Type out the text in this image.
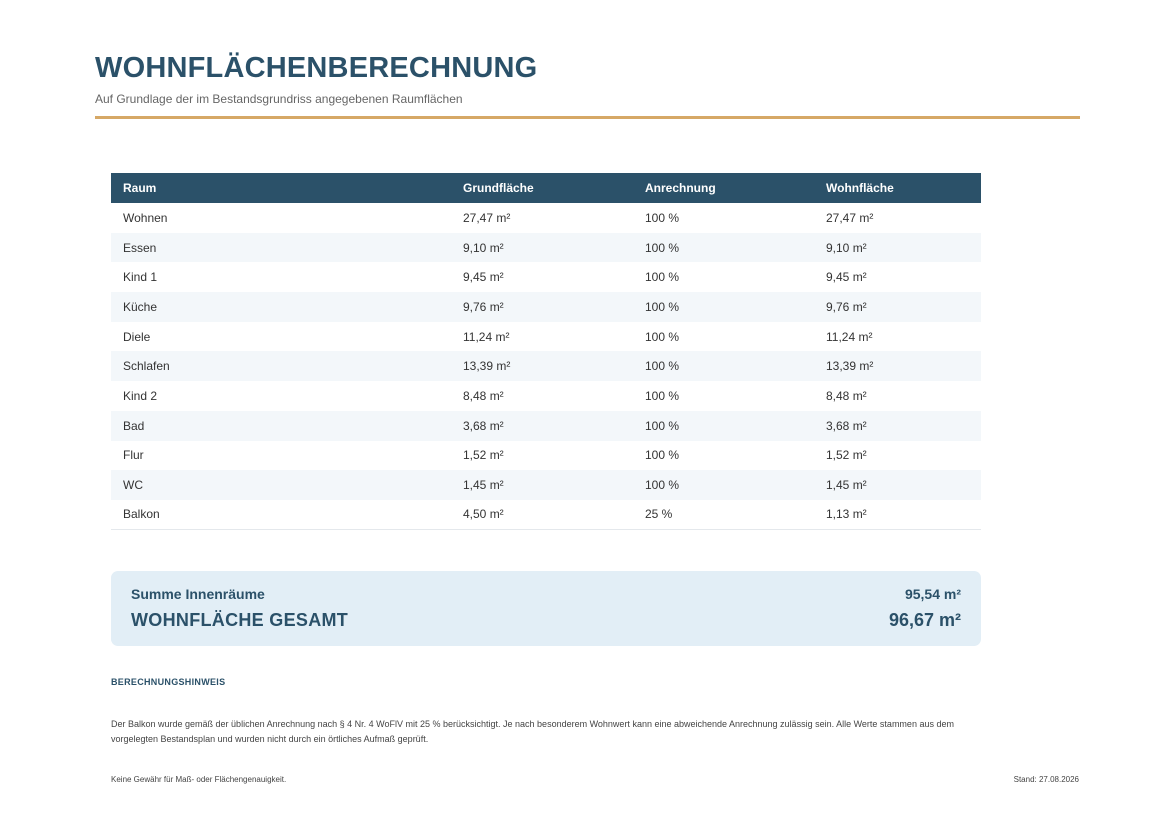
WOHNFLÄCHENBERECHNUNG
Auf Grundlage der im Bestandsgrundriss angegebenen Raumflächen
Raum	Grundfläche	Anrechnung	Wohnfläche
Wohnen	27,47 m²	100 %	27,47 m²
Essen	9,10 m²	100 %	9,10 m²
Kind 1	9,45 m²	100 %	9,45 m²
Küche	9,76 m²	100 %	9,76 m²
Diele	11,24 m²	100 %	11,24 m²
Schlafen	13,39 m²	100 %	13,39 m²
Kind 2	8,48 m²	100 %	8,48 m²
Bad	3,68 m²	100 %	3,68 m²
Flur	1,52 m²	100 %	1,52 m²
WC	1,45 m²	100 %	1,45 m²
Balkon	4,50 m²	25 %	1,13 m²
Summe Innenräume	95,54 m²
WOHNFLÄCHE GESAMT	96,67 m²
BERECHNUNGSHINWEIS

Der Balkon wurde gemäß der üblichen Anrechnung nach § 4 Nr. 4 WoFlV mit 25 % berücksichtigt. Je nach besonderem Wohnwert kann eine abweichende Anrechnung zulässig sein. Alle Werte stammen aus dem vorgelegten Bestandsplan und wurden nicht durch ein örtliches Aufmaß geprüft.

Keine Gewähr für Maß- oder Flächengenauigkeit.	Stand: 27.08.2026
